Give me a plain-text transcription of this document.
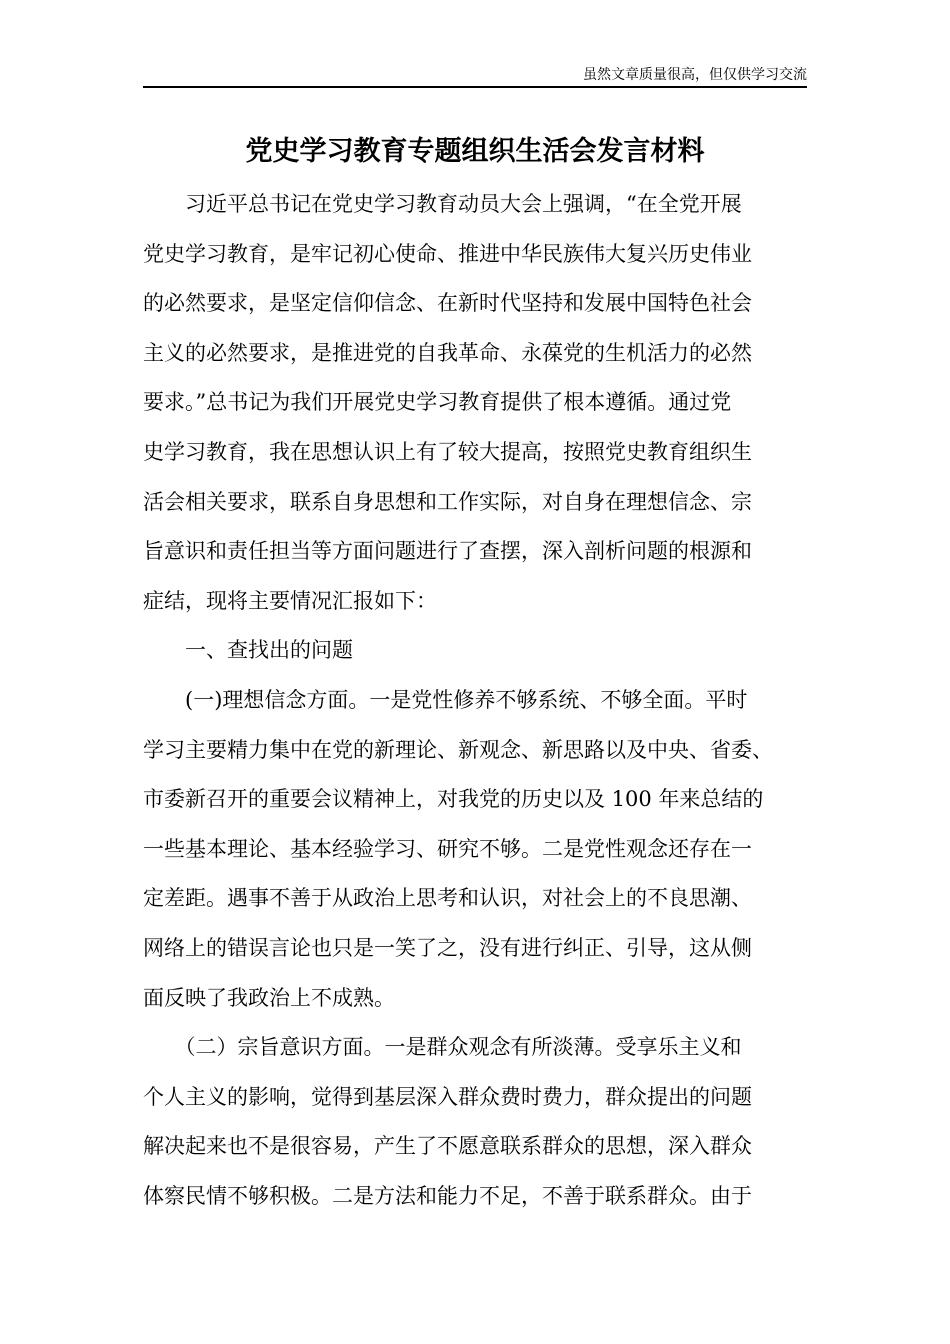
虽然文章质量很高，但仅供学习交流
党史学习教育专题组织生活会发言材料
　　习近平总书记在党史学习教育动员大会上强调，“在全党开展
党史学习教育，是牢记初心使命、推进中华民族伟大复兴历史伟业
的必然要求，是坚定信仰信念、在新时代坚持和发展中国特色社会
主义的必然要求，是推进党的自我革命、永葆党的生机活力的必然
要求。”总书记为我们开展党史学习教育提供了根本遵循。通过党
史学习教育，我在思想认识上有了较大提高，按照党史教育组织生
活会相关要求，联系自身思想和工作实际，对自身在理想信念、宗
旨意识和责任担当等方面问题进行了查摆，深入剖析问题的根源和
症结，现将主要情况汇报如下：
　　一、查找出的问题
　　(一)理想信念方面。一是党性修养不够系统、不够全面。平时
学习主要精力集中在党的新理论、新观念、新思路以及中央、省委、
市委新召开的重要会议精神上，对我党的历史以及 100 年来总结的
一些基本理论、基本经验学习、研究不够。二是党性观念还存在一
定差距。遇事不善于从政治上思考和认识，对社会上的不良思潮、
网络上的错误言论也只是一笑了之，没有进行纠正、引导，这从侧
面反映了我政治上不成熟。
　　（二）宗旨意识方面。一是群众观念有所淡薄。受享乐主义和
个人主义的影响，觉得到基层深入群众费时费力，群众提出的问题
解决起来也不是很容易，产生了不愿意联系群众的思想，深入群众
体察民情不够积极。二是方法和能力不足，不善于联系群众。由于
